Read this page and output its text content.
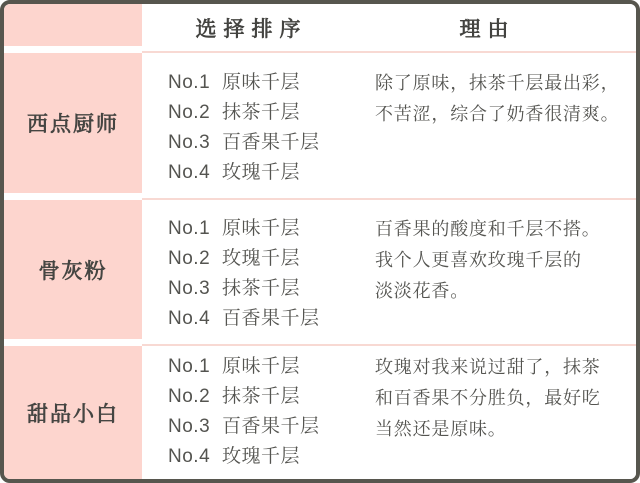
选择排序	理由
西点厨师
No.1 原味千层
No.2 抹茶千层
No.3 百香果千层
No.4 玫瑰千层
除了原味，抹茶千层最出彩，
不苦涩，综合了奶香很清爽。
骨灰粉
No.1 原味千层
No.2 玫瑰千层
No.3 抹茶千层
No.4 百香果千层
百香果的酸度和千层不搭。
我个人更喜欢玫瑰千层的
淡淡花香。
甜品小白
No.1 原味千层
No.2 抹茶千层
No.3 百香果千层
No.4 玫瑰千层
玫瑰对我来说过甜了，抹茶
和百香果不分胜负，最好吃
当然还是原味。
